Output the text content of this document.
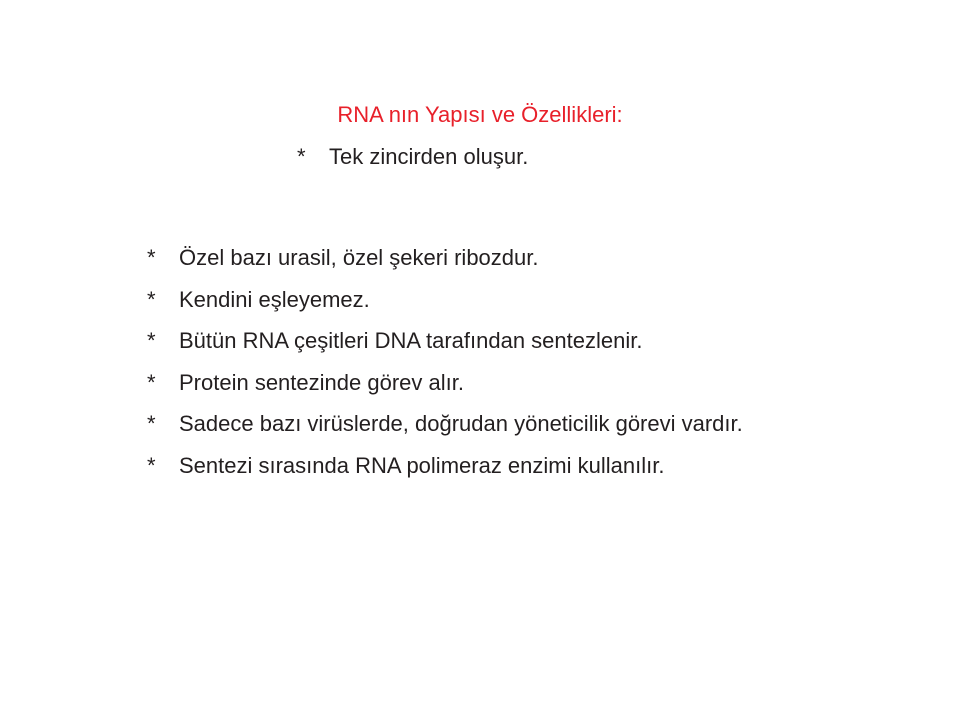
RNA nın Yapısı ve Özellikleri:
* Tek zincirden oluşur.
* Özel bazı urasil, özel şekeri ribozdur.
* Kendini eşleyemez.
* Bütün RNA çeşitleri DNA tarafından sentezlenir.
* Protein sentezinde görev alır.
* Sadece bazı virüslerde, doğrudan yöneticilik görevi vardır.
* Sentezi sırasında RNA polimeraz enzimi kullanılır.
